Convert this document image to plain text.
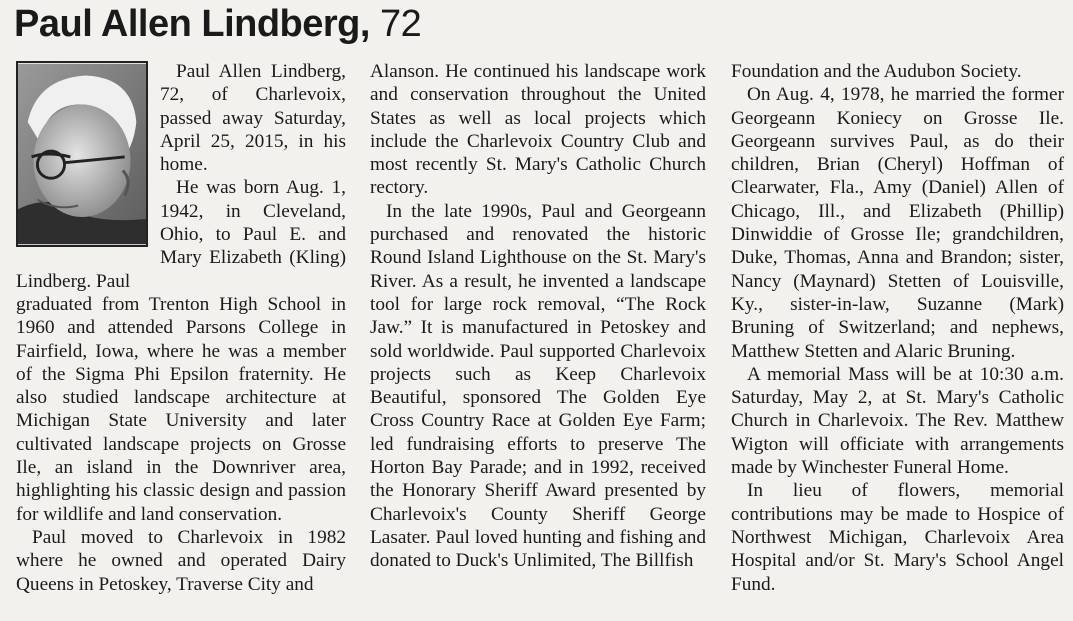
Paul Allen Lindberg, 72

Paul Allen Lindberg, 72, of Charlevoix, passed away Saturday, April 25, 2015, in his home.

He was born Aug. 1, 1942, in Cleveland, Ohio, to Paul E. and Mary Elizabeth (Kling) Lindberg. Paul

graduated from Trenton High School in 1960 and attended Parsons College in Fairfield, Iowa, where he was a member of the Sigma Phi Epsilon fraternity. He also studied landscape architecture at Michigan State University and later cultivated landscape projects on Grosse Ile, an island in the Downriver area, highlighting his classic design and passion for wildlife and land conservation.

Paul moved to Charlevoix in 1982 where he owned and operated Dairy Queens in Petoskey, Traverse City and

Alanson. He continued his landscape work and conservation throughout the United States as well as local projects which include the Charlevoix Country Club and most recently St. Mary's Catholic Church rectory.

In the late 1990s, Paul and Georgeann purchased and renovated the historic Round Island Lighthouse on the St. Mary's River. As a result, he invented a landscape tool for large rock removal, “The Rock Jaw.” It is manufactured in Petoskey and sold worldwide. Paul supported Charlevoix projects such as Keep Charlevoix Beautiful, sponsored The Golden Eye Cross Country Race at Golden Eye Farm; led fundraising efforts to preserve The Horton Bay Parade; and in 1992, received the Honorary Sheriff Award presented by Charlevoix's County Sheriff George Lasater. Paul loved hunting and fishing and donated to Duck's Unlimited, The Billfish

Foundation and the Audubon Society.

On Aug. 4, 1978, he married the former Georgeann Koniecy on Grosse Ile. Georgeann survives Paul, as do their children, Brian (Cheryl) Hoffman of Clearwater, Fla., Amy (Daniel) Allen of Chicago, Ill., and Elizabeth (Phillip) Dinwiddie of Grosse Ile; grandchildren, Duke, Thomas, Anna and Brandon; sister, Nancy (Maynard) Stetten of Louisville, Ky., sister-in-law, Suzanne (Mark) Bruning of Switzerland; and nephews, Matthew Stetten and Alaric Bruning.

A memorial Mass will be at 10:30 a.m. Saturday, May 2, at St. Mary's Catholic Church in Charlevoix. The Rev. Matthew Wigton will officiate with arrangements made by Winchester Funeral Home.

In lieu of flowers, memorial contributions may be made to Hospice of Northwest Michigan, Charlevoix Area Hospital and/or St. Mary's School Angel Fund.
